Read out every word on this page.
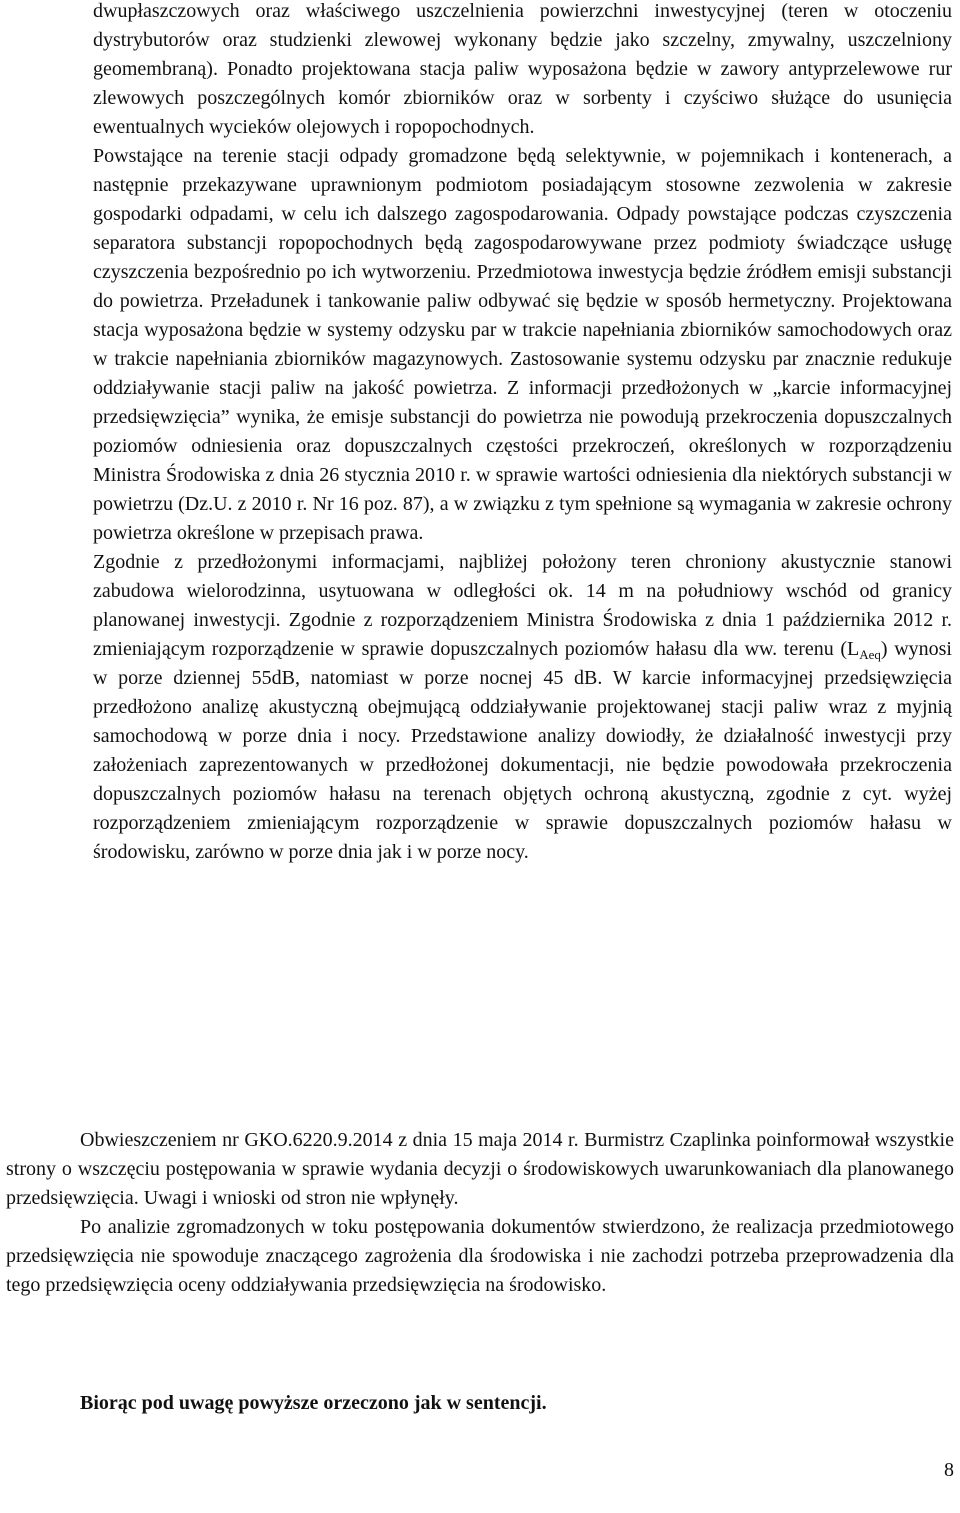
dwupłaszczowych oraz właściwego uszczelnienia powierzchni inwestycyjnej (teren w otoczeniu dystrybutorów oraz studzienki zlewowej wykonany będzie jako szczelny, zmywalny, uszczelniony geomembraną). Ponadto projektowana stacja paliw wyposażona będzie w zawory antyprzelewowe rur zlewowych poszczególnych komór zbiorników oraz w sorbenty i czyściwo służące do usunięcia ewentualnych wycieków olejowych i ropopochodnych.

Powstające na terenie stacji odpady gromadzone będą selektywnie, w pojemnikach i kontenerach, a następnie przekazywane uprawnionym podmiotom posiadającym stosowne zezwolenia w zakresie gospodarki odpadami, w celu ich dalszego zagospodarowania. Odpady powstające podczas czyszczenia separatora substancji ropopochodnych będą zagospodarowywane przez podmioty świadczące usługę czyszczenia bezpośrednio po ich wytworzeniu. Przedmiotowa inwestycja będzie źródłem emisji substancji do powietrza. Przeładunek i tankowanie paliw odbywać się będzie w sposób hermetyczny. Projektowana stacja wyposażona będzie w systemy odzysku par w trakcie napełniania zbiorników samochodowych oraz w trakcie napełniania zbiorników magazynowych. Zastosowanie systemu odzysku par znacznie redukuje oddziaływanie stacji paliw na jakość powietrza. Z informacji przedłożonych w „karcie informacyjnej przedsięwzięcia” wynika, że emisje substancji do powietrza nie powodują przekroczenia dopuszczalnych poziomów odniesienia oraz dopuszczalnych częstości przekroczeń, określonych w rozporządzeniu Ministra Środowiska z dnia 26 stycznia 2010 r. w sprawie wartości odniesienia dla niektórych substancji w powietrzu (Dz.U. z 2010 r. Nr 16 poz. 87), a w związku z tym spełnione są wymagania w zakresie ochrony powietrza określone w przepisach prawa.

Zgodnie z przedłożonymi informacjami, najbliżej położony teren chroniony akustycznie stanowi zabudowa wielorodzinna, usytuowana w odległości ok. 14 m na południowy wschód od granicy planowanej inwestycji. Zgodnie z rozporządzeniem Ministra Środowiska z dnia 1 października 2012 r. zmieniającym rozporządzenie w sprawie dopuszczalnych poziomów hałasu dla ww. terenu $(L_{Aeq})$ wynosi w porze dziennej 55dB, natomiast w porze nocnej 45 dB. W karcie informacyjnej przedsięwzięcia przedłożono analizę akustyczną obejmującą oddziaływanie projektowanej stacji paliw wraz z myjnią samochodową w porze dnia i nocy. Przedstawione analizy dowiodły, że działalność inwestycji przy założeniach zaprezentowanych w przedłożonej dokumentacji, nie będzie powodowała przekroczenia dopuszczalnych poziomów hałasu na terenach objętych ochroną akustyczną, zgodnie z cyt. wyżej rozporządzeniem zmieniającym rozporządzenie w sprawie dopuszczalnych poziomów hałasu w środowisku, zarówno w porze dnia jak i w porze nocy.

Obwieszczeniem nr GKO.6220.9.2014 z dnia 15 maja 2014 r. Burmistrz Czaplinka poinformował wszystkie strony o wszczęciu postępowania w sprawie wydania decyzji o środowiskowych uwarunkowaniach dla planowanego przedsięwzięcia. Uwagi i wnioski od stron nie wpłynęły.

Po analizie zgromadzonych w toku postępowania dokumentów stwierdzono, że realizacja przedmiotowego przedsięwzięcia nie spowoduje znaczącego zagrożenia dla środowiska i nie zachodzi potrzeba przeprowadzenia dla tego przedsięwzięcia oceny oddziaływania przedsięwzięcia na środowisko.

Biorąc pod uwagę powyższe orzeczono jak w sentencji.
8
